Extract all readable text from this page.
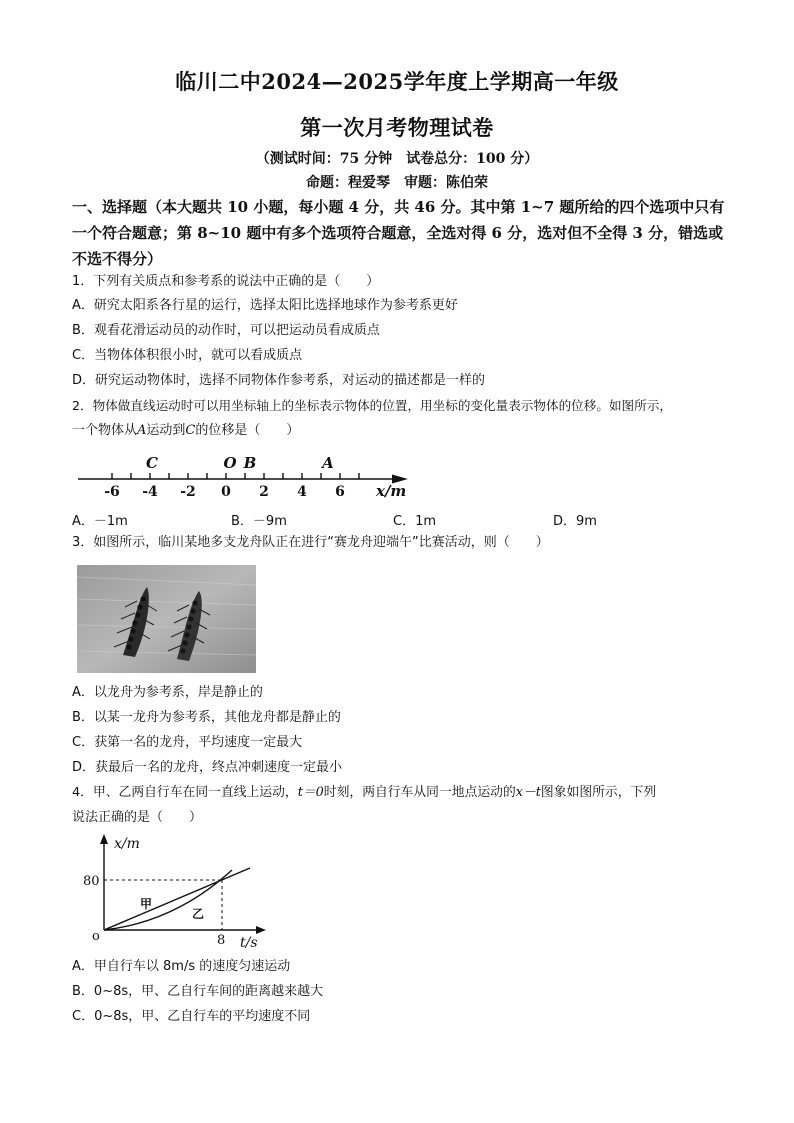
临川二中2024—2025学年度上学期高一年级
第一次月考物理试卷
（测试时间：75 分钟　试卷总分：100 分）
命题：程爱琴　审题：陈伯荣
一、选择题（本大题共 10 小题，每小题 4 分，共 46 分。其中第 1~7 题所给的四个选项中只有一个符合题意；第 8~10 题中有多个选项符合题意，全选对得 6 分，选对但不全得 3 分，错选或不选不得分）
1．下列有关质点和参考系的说法中正确的是（　　）
A．研究太阳系各行星的运行，选择太阳比选择地球作为参考系更好
B．观看花滑运动员的动作时，可以把运动员看成质点
C．当物体体积很小时，就可以看成质点
D．研究运动物体时，选择不同物体作参考系，对运动的描述都是一样的
2．物体做直线运动时可以用坐标轴上的坐标表示物体的位置，用坐标的变化量表示物体的位移。如图所示，
一个物体从A运动到C的位移是（　　）
-6 -4 -2 0 2 4 6
C	O B	A
x/m
A．－1m	B．－9m	C．1m	D．9m
3．如图所示，临川某地多支龙舟队正在进行“赛龙舟迎端午”比赛活动，则（　　）
A．以龙舟为参考系，岸是静止的
B．以某一龙舟为参考系，其他龙舟都是静止的
C．获第一名的龙舟，平均速度一定最大
D．获最后一名的龙舟，终点冲刺速度一定最小
4．甲、乙两自行车在同一直线上运动，t＝0时刻，两自行车从同一地点运动的x－t图象如图所示，下列
说法正确的是（　　）
x/m
t/s
o
80
8
甲
乙
A．甲自行车以 8m/s 的速度匀速运动
B．0~8s，甲、乙自行车间的距离越来越大
C．0~8s，甲、乙自行车的平均速度不同
